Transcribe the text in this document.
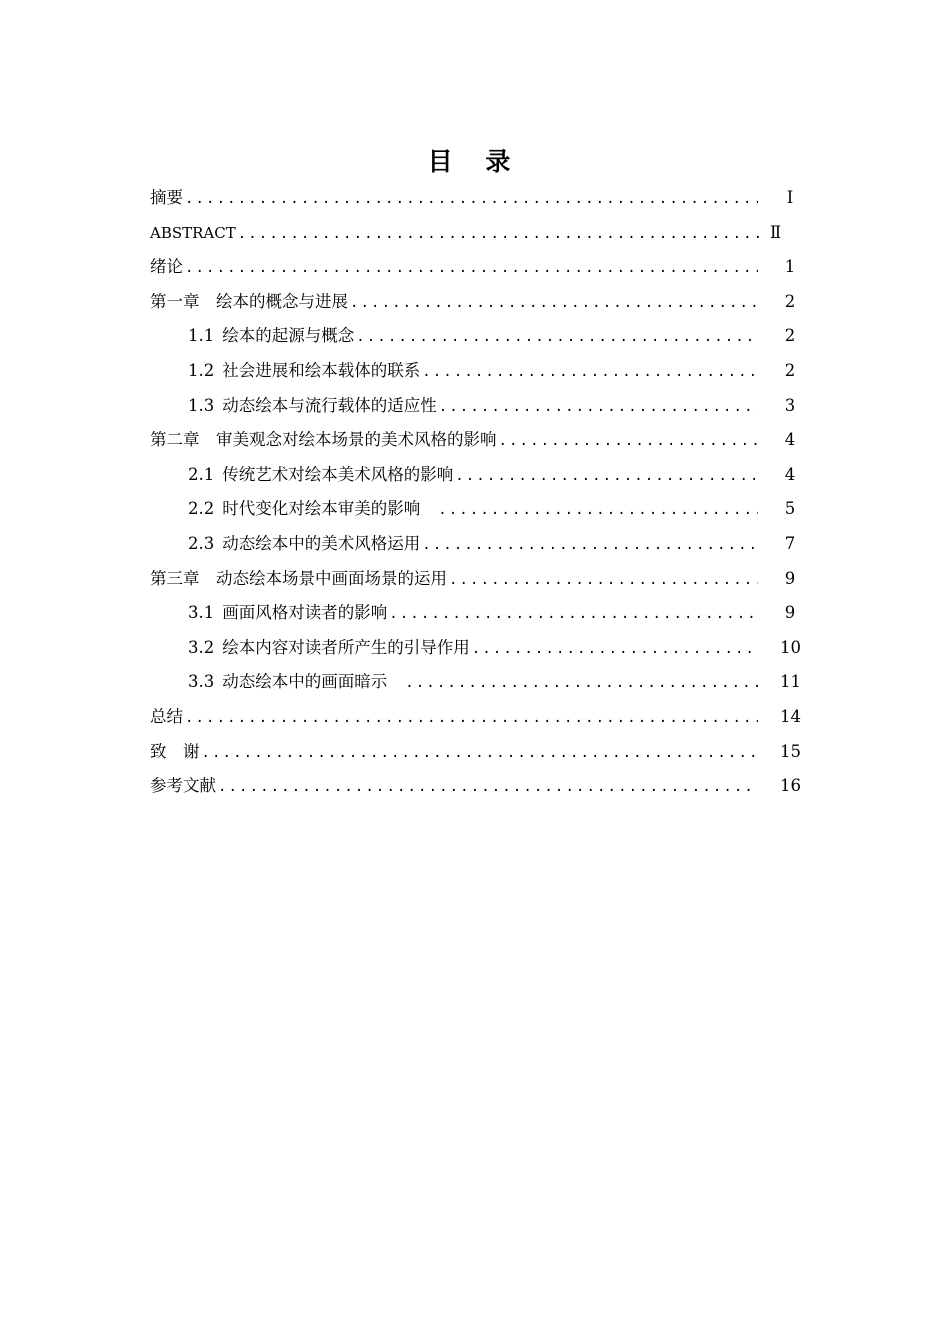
目 录
摘要 .....	Ⅰ
ABSTRACT .....	Ⅱ
绪论 .....	1
第一章　绘本的概念与进展 .....	2
1.1 绘本的起源与概念 .....	2
1.2 社会进展和绘本载体的联系 .....	2
1.3 动态绘本与流行载体的适应性 .....	3
第二章　审美观念对绘本场景的美术风格的影响 .....	4
2.1 传统艺术对绘本美术风格的影响 .....	4
2.2 时代变化对绘本审美的影响 .....	5
2.3 动态绘本中的美术风格运用 .....	7
第三章　动态绘本场景中画面场景的运用 .....	9
3.1 画面风格对读者的影响 .....	9
3.2 绘本内容对读者所产生的引导作用 .....	10
3.3 动态绘本中的画面暗示 .....	11
总结 .....	14
致　谢 .....	15
参考文献 .....	16
